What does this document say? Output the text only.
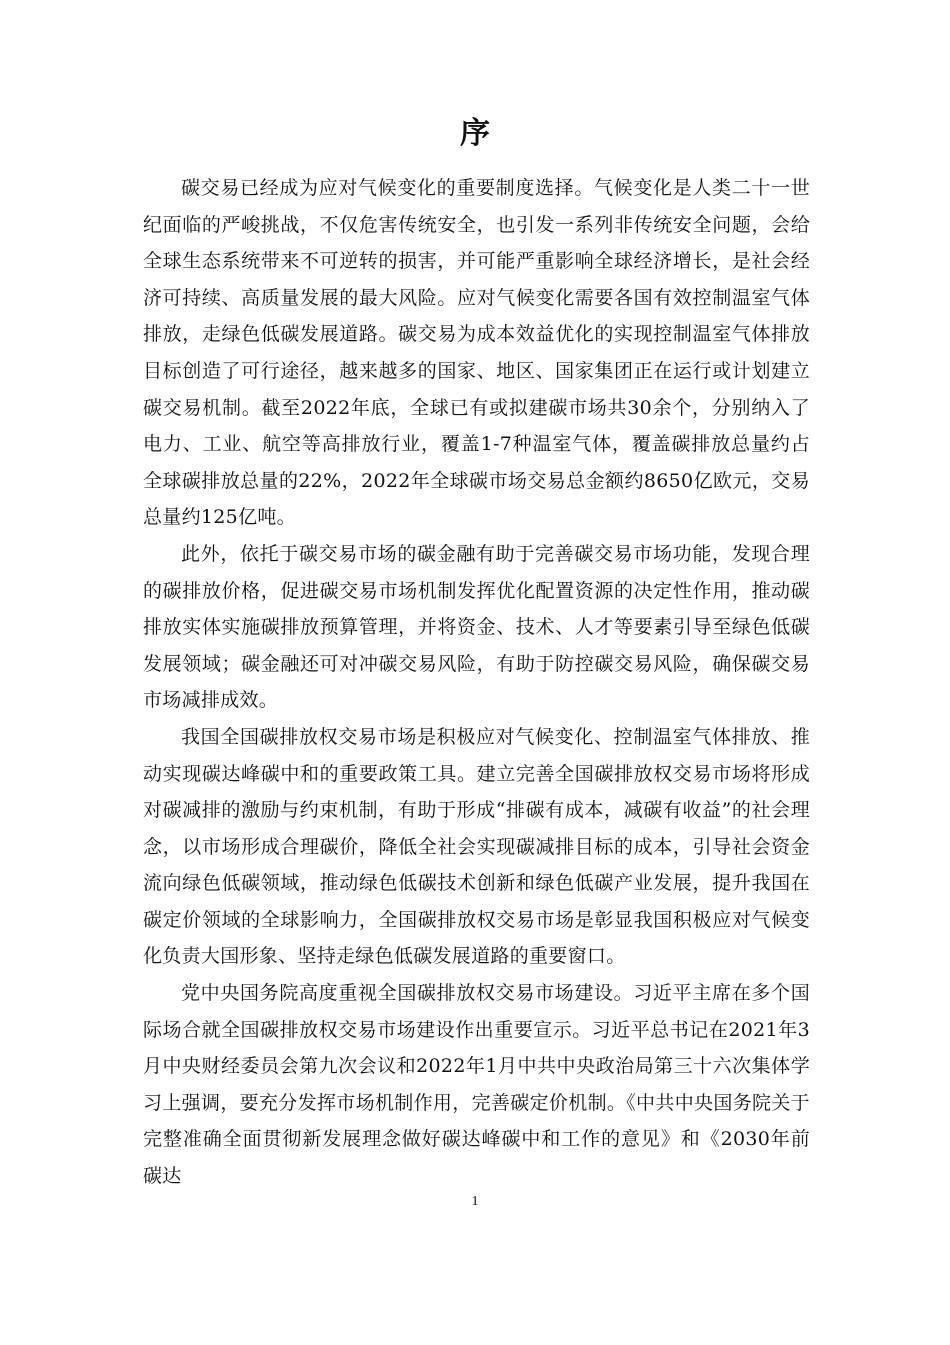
序

碳交易已经成为应对气候变化的重要制度选择。气候变化是人类二十一世纪面临的严峻挑战，不仅危害传统安全，也引发一系列非传统安全问题，会给全球生态系统带来不可逆转的损害，并可能严重影响全球经济增长，是社会经济可持续、高质量发展的最大风险。应对气候变化需要各国有效控制温室气体排放，走绿色低碳发展道路。碳交易为成本效益优化的实现控制温室气体排放目标创造了可行途径，越来越多的国家、地区、国家集团正在运行或计划建立碳交易机制。截至2022年底，全球已有或拟建碳市场共30余个，分别纳入了电力、工业、航空等高排放行业，覆盖1-7种温室气体，覆盖碳排放总量约占全球碳排放总量的22%，2022年全球碳市场交易总金额约8650亿欧元，交易总量约125亿吨。

此外，依托于碳交易市场的碳金融有助于完善碳交易市场功能，发现合理的碳排放价格，促进碳交易市场机制发挥优化配置资源的决定性作用，推动碳排放实体实施碳排放预算管理，并将资金、技术、人才等要素引导至绿色低碳发展领域；碳金融还可对冲碳交易风险，有助于防控碳交易风险，确保碳交易市场减排成效。

我国全国碳排放权交易市场是积极应对气候变化、控制温室气体排放、推动实现碳达峰碳中和的重要政策工具。建立完善全国碳排放权交易市场将形成对碳减排的激励与约束机制，有助于形成“排碳有成本，减碳有收益”的社会理念，以市场形成合理碳价，降低全社会实现碳减排目标的成本，引导社会资金流向绿色低碳领域，推动绿色低碳技术创新和绿色低碳产业发展，提升我国在碳定价领域的全球影响力，全国碳排放权交易市场是彰显我国积极应对气候变化负责大国形象、坚持走绿色低碳发展道路的重要窗口。

党中央国务院高度重视全国碳排放权交易市场建设。习近平主席在多个国际场合就全国碳排放权交易市场建设作出重要宣示。习近平总书记在2021年3月中央财经委员会第九次会议和2022年1月中共中央政治局第三十六次集体学习上强调，要充分发挥市场机制作用，完善碳定价机制。《中共中央国务院关于完整准确全面贯彻新发展理念做好碳达峰碳中和工作的意见》和《2030年前碳达

1
